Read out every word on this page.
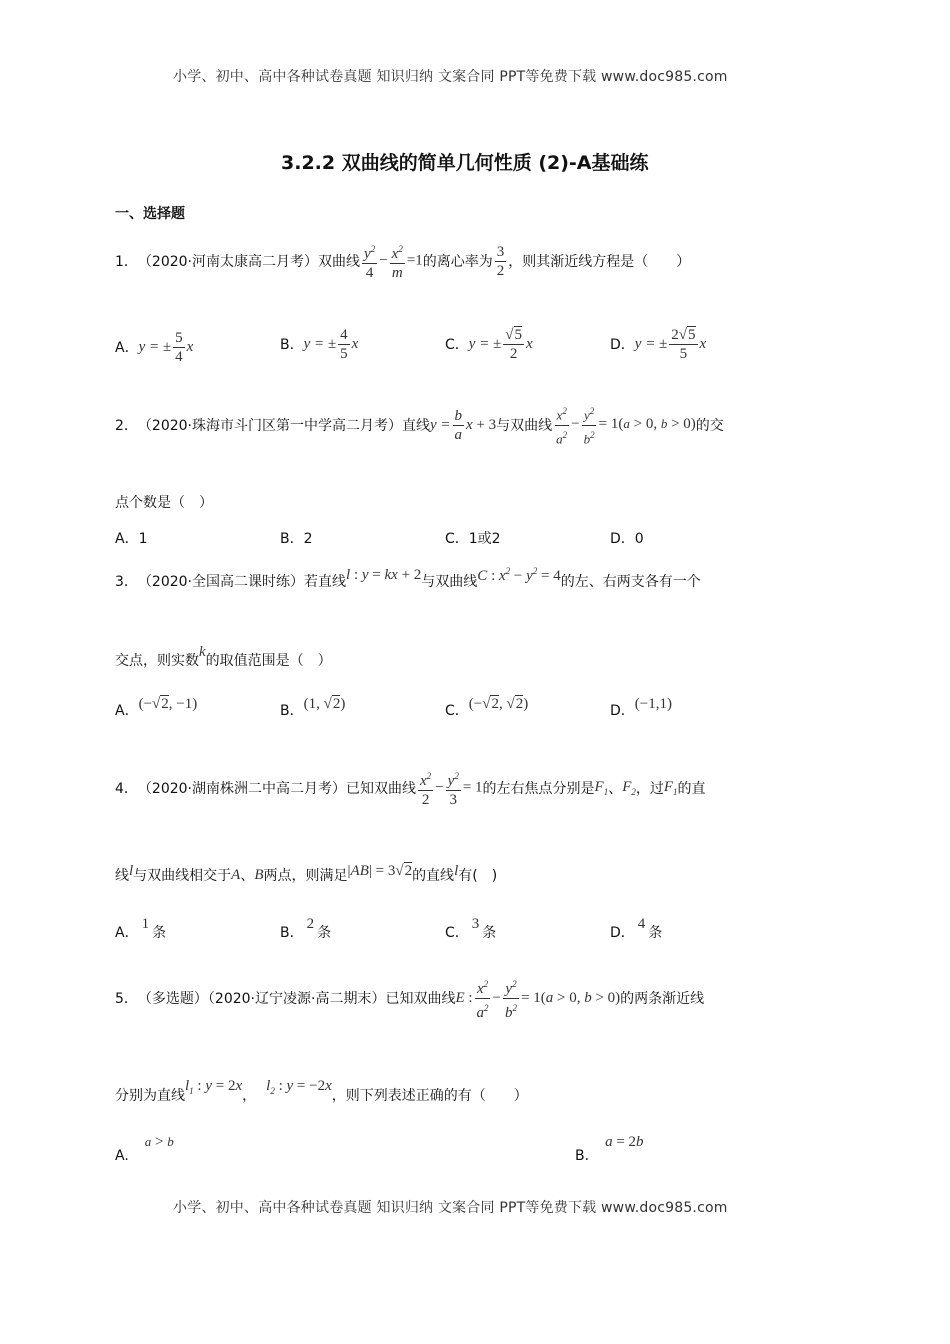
小学、初中、高中各种试卷真题 知识归纳 文案合同 PPT等免费下载 www.doc985.com
小学、初中、高中各种试卷真题 知识归纳 文案合同 PPT等免费下载 www.doc985.com
3.2.2 双曲线的简单几何性质 (2)-A基础练
一、选择题
1． （2020·河南太康高二月考）双曲线 $\frac{y^2}{4} - \frac{x^2}{m} =1$ 的离心率为 $\frac{3}{2}$ ，则其渐近线方程是（　　）
A． y = ± $\frac{5}{4}$ x	B． y = ± $\frac{4}{5}$ x	C． y = ± $\frac{√5}{2}$ x	D． y = ± $\frac{2√5}{5}$ x
2． （2020·珠海市斗门区第一中学高二月考）直线 $y = \frac{b}{a}$ x + 3 与双曲线 $\frac{x^2}{a^2} - \frac{y^2}{b^2} = 1(a > 0$, b > 0) 的交
点个数是（　）
A．1	B．2	C．1或2	D．0
3． （2020·全国高二课时练）若直线 l : y = kx + 2 与双曲线 C : $x^2 - y^2 = 4$ 的左、右两支各有一个
交点，则实数
k
的取值范围是（　）
A． (−√2, −1)	B． (1, √2)	C． (−√2, √2)	D． (−1,1)
4． （2020·湖南株洲二中高二月考）已知双曲线 $\frac{x^2}{2} - \frac{y^2}{3} = 1$ 的左右焦点分别是 $F_1$ 、 $F_2$ ，过 $F_1$ 的直
线 l 与双曲线相交于 A 、 B 两点，则满足 |AB| = 3√2 的直线 l 有(　)
A．
1
条	B．
2
条	C．
3
条	D．
4
条
5． （多选题）（2020·辽宁凌源·高二期末）已知双曲线 E : $\frac{x^2}{a^2} - \frac{y^2}{b^2} = 1(a > 0$, b > 0) 的两条渐近线
分别为直线
$l_1$ : y = 2x
，
$l_2$ : y = −2x
，则下列表述正确的有（　　）
A.
a > b
B.
a = 2b
